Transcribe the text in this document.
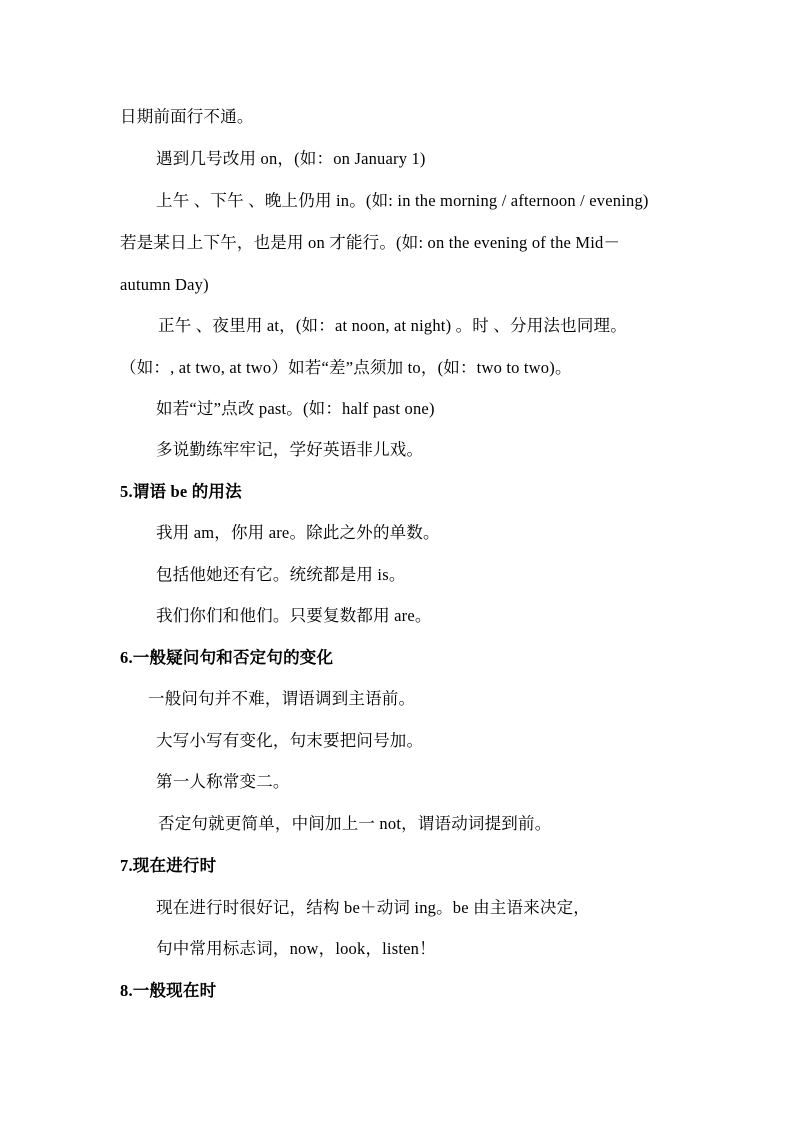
日期前面行不通。
遇到几号改用 on，(如：on January 1)
上午 、下午 、晚上仍用 in。(如: in the morning / afternoon / evening)
若是某日上下午，也是用 on 才能行。(如: on the evening of the Mid－
autumn Day)
正午 、夜里用 at，(如：at noon, at night) 。时 、分用法也同理。
（如：, at two, at two）如若“差”点须加 to，(如：two to two)。
如若“过”点改 past。(如：half past one)
多说勤练牢牢记，学好英语非儿戏。
5.谓语 be 的用法
我用 am，你用 are。除此之外的单数。
包括他她还有它。统统都是用 is。
我们你们和他们。只要复数都用 are。
6.一般疑问句和否定句的变化
一般问句并不难，谓语调到主语前。
大写小写有变化，句末要把问号加。
第一人称常变二。
否定句就更简单，中间加上一 not，谓语动词提到前。
7.现在进行时
现在进行时很好记，结构 be＋动词 ing。be 由主语来决定，
句中常用标志词，now，look，listen！
8.一般现在时
